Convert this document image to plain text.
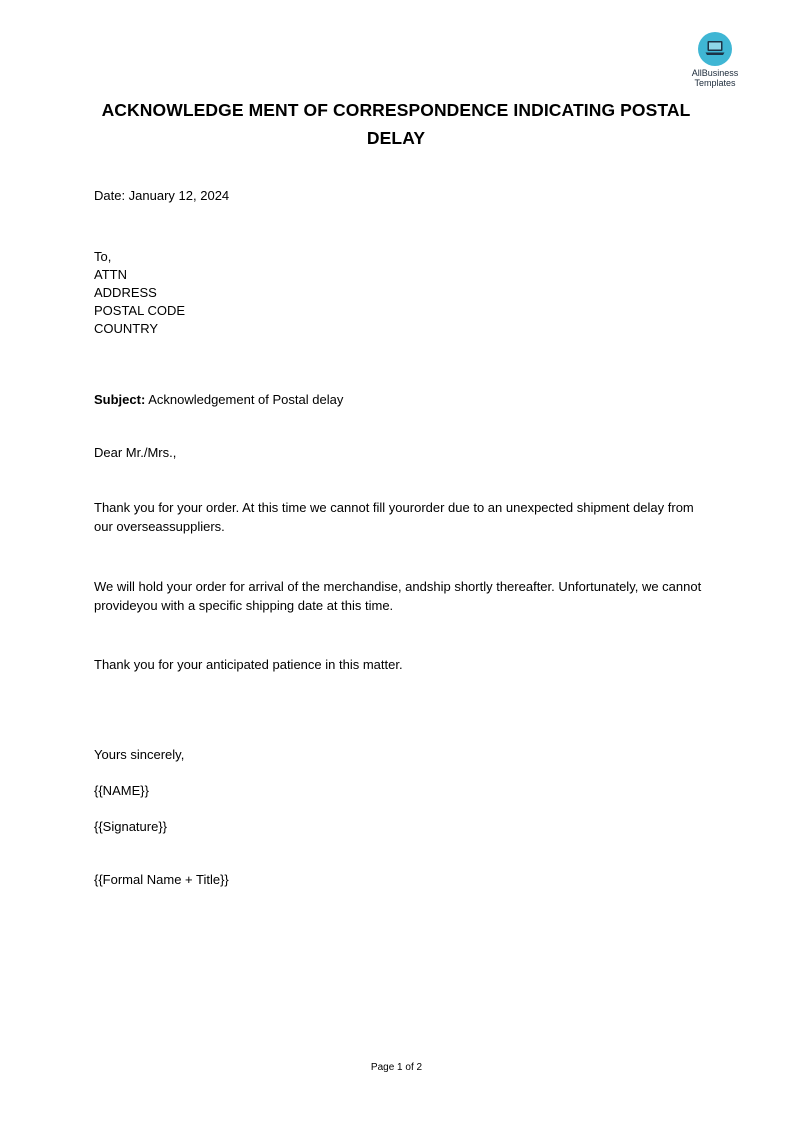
AllBusiness
Templates
ACKNOWLEDGE MENT OF CORRESPONDENCE INDICATING POSTAL DELAY
Date: January 12, 2024
To,
ATTN
ADDRESS
POSTAL CODE
COUNTRY
Subject: Acknowledgement of Postal delay
Dear Mr./Mrs.,
Thank you for your order. At this time we cannot fill yourorder due to an unexpected shipment delay from our overseassuppliers.
We will hold your order for arrival of the merchandise, andship shortly thereafter. Unfortunately, we cannot provideyou with a specific shipping date at this time.
Thank you for your anticipated patience in this matter.
Yours sincerely,
{{NAME}}
{{Signature}}
{{Formal Name + Title}}
Page 1 of 2
